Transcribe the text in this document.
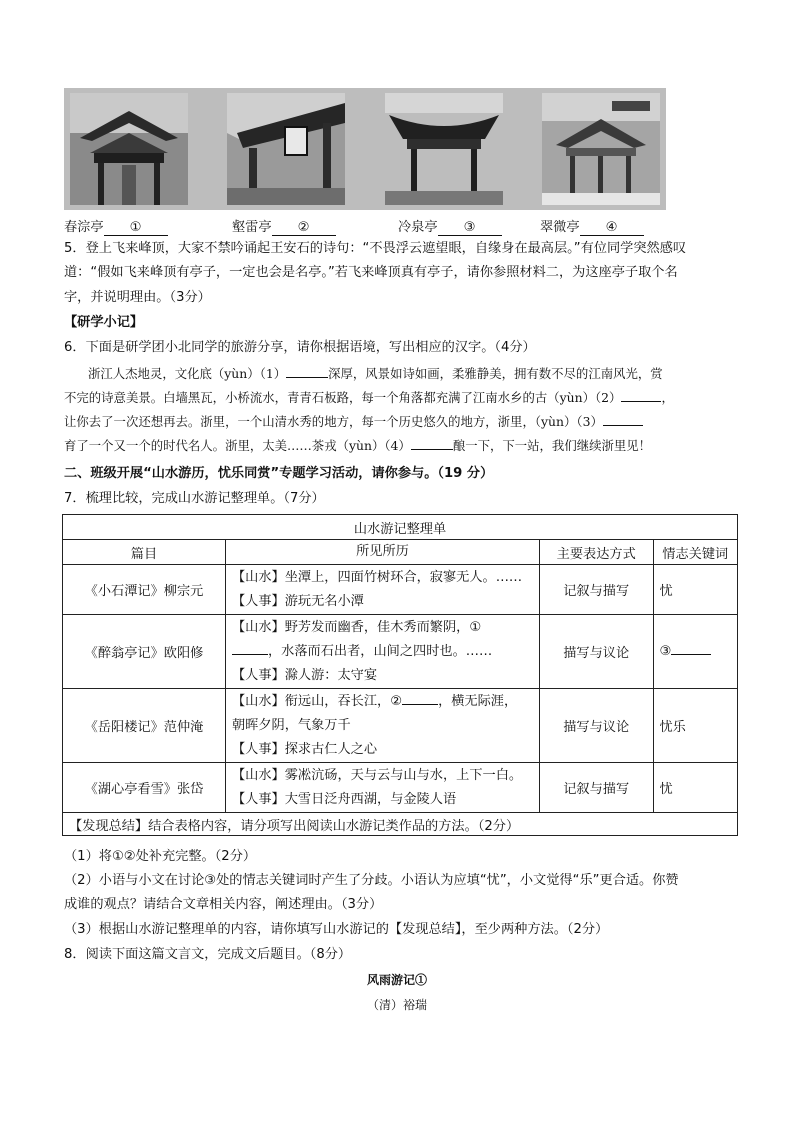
春淙亭 ①	壑雷亭 ②	冷泉亭 ③	翠微亭 ④
5．登上飞来峰顶，大家不禁吟诵起王安石的诗句：“不畏浮云遮望眼，自缘身在最高层。”有位同学突然感叹
道：“假如飞来峰顶有亭子，一定也会是名亭。”若飞来峰顶真有亭子，请你参照材料二，为这座亭子取个名
字，并说明理由。（3分）
【研学小记】
6．下面是研学团小北同学的旅游分享，请你根据语境，写出相应的汉字。（4分）
浙江人杰地灵，文化底（yùn）（1）	深厚，风景如诗如画，柔雅静美，拥有数不尽的江南风光，赏
不完的诗意美景。白墙黑瓦，小桥流水，青青石板路，每一个角落都充满了江南水乡的古（yùn）（2）	，
让你去了一次还想再去。浙里，一个山清水秀的地方，每一个历史悠久的地方，浙里，（yùn）（3）
育了一个又一个的时代名人。浙里，太美……茶戎（yùn）（4）	酿一下，下一站，我们继续浙里见！
二、班级开展“山水游历，忧乐同赏”专题学习活动，请你参与。（19 分）
7．梳理比较，完成山水游记整理单。（7分）
山水游记整理单			
篇目	所见所历	主要表达方式	情志关键词
《小石潭记》柳宗元	【山水】坐潭上，四面竹树环合，寂寥无人。……
【人事】游玩无名小潭	记叙与描写	忧
《醉翁亭记》欧阳修	【山水】野芳发而幽香，佳木秀而繁阴，①
，水落而石出者，山间之四时也。……
【人事】滁人游：太守宴	描写与议论	③
《岳阳楼记》范仲淹	【山水】衔远山，吞长江，② ，横无际涯，
朝晖夕阴，气象万千
【人事】探求古仁人之心	描写与议论	忧乐
《湖心亭看雪》张岱	【山水】雾凇沆砀，天与云与山与水，上下一白。
【人事】大雪日泛舟西湖，与金陵人语	记叙与描写	忧
【发现总结】结合表格内容，请分项写出阅读山水游记类作品的方法。（2分）			
（1）将①②处补充完整。（2分）
（2）小语与小文在讨论③处的情志关键词时产生了分歧。小语认为应填“忧”，小文觉得“乐”更合适。你赞
成谁的观点？请结合文章相关内容，阐述理由。（3分）
（3）根据山水游记整理单的内容，请你填写山水游记的【发现总结】，至少两种方法。（2分）
8．阅读下面这篇文言文，完成文后题目。（8分）
风雨游记①
（清）裕瑞
